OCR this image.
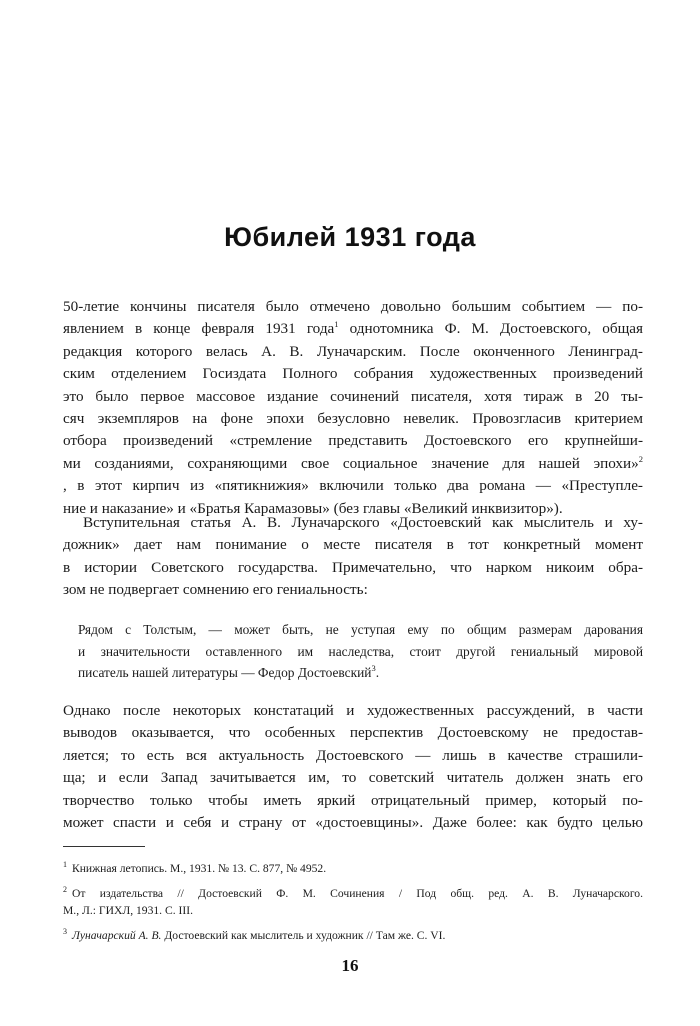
Юбилей 1931 года
50-летие кончины писателя было отмечено довольно большим событием — по-
явлением в конце февраля 1931 года$^1$ однотомника Ф. М. Достоевского, общая
редакция которого велась А. В. Луначарским. После оконченного Ленинград-
ским отделением Госиздата Полного собрания художественных произведений
это было первое массовое издание сочинений писателя, хотя тираж в 20 ты-
сяч экземпляров на фоне эпохи безусловно невелик. Провозгласив критерием
отбора произведений «стремление представить Достоевского его крупнейши-
ми созданиями, сохраняющими свое социальное значение для нашей эпохи»$^2$
, в этот кирпич из «пятикнижия» включили только два романа — «Преступле-
ние и наказание» и «Братья Карамазовы» (без главы «Великий инквизитор»).
Вступительная статья А. В. Луначарского «Достоевский как мыслитель и ху-
дожник» дает нам понимание о месте писателя в тот конкретный момент
в истории Советского государства. Примечательно, что нарком никоим обра-
зом не подвергает сомнению его гениальность:
Рядом с Толстым, — может быть, не уступая ему по общим размерам дарования
и значительности оставленного им наследства, стоит другой гениальный мировой
писатель нашей литературы — Федор Достоевский$^3$.
Однако после некоторых констатаций и художественных рассуждений, в части
выводов оказывается, что особенных перспектив Достоевскому не предостав-
ляется; то есть вся актуальность Достоевского — лишь в качестве страшили-
ща; и если Запад зачитывается им, то советский читатель должен знать его
творчество только чтобы иметь яркий отрицательный пример, который по-
может спасти и себя и страну от «достоевщины». Даже более: как будто целью
$^1$ Книжная летопись. М., 1931. № 13. С. 877, № 4952.
$^2$ От издательства // Достоевский Ф. М. Сочинения / Под общ. ред. А. В. Луначарского.
М., Л.: ГИХЛ, 1931. С. III.
$^3$ Луначарский А. В. Достоевский как мыслитель и художник // Там же. С. VI.
16
